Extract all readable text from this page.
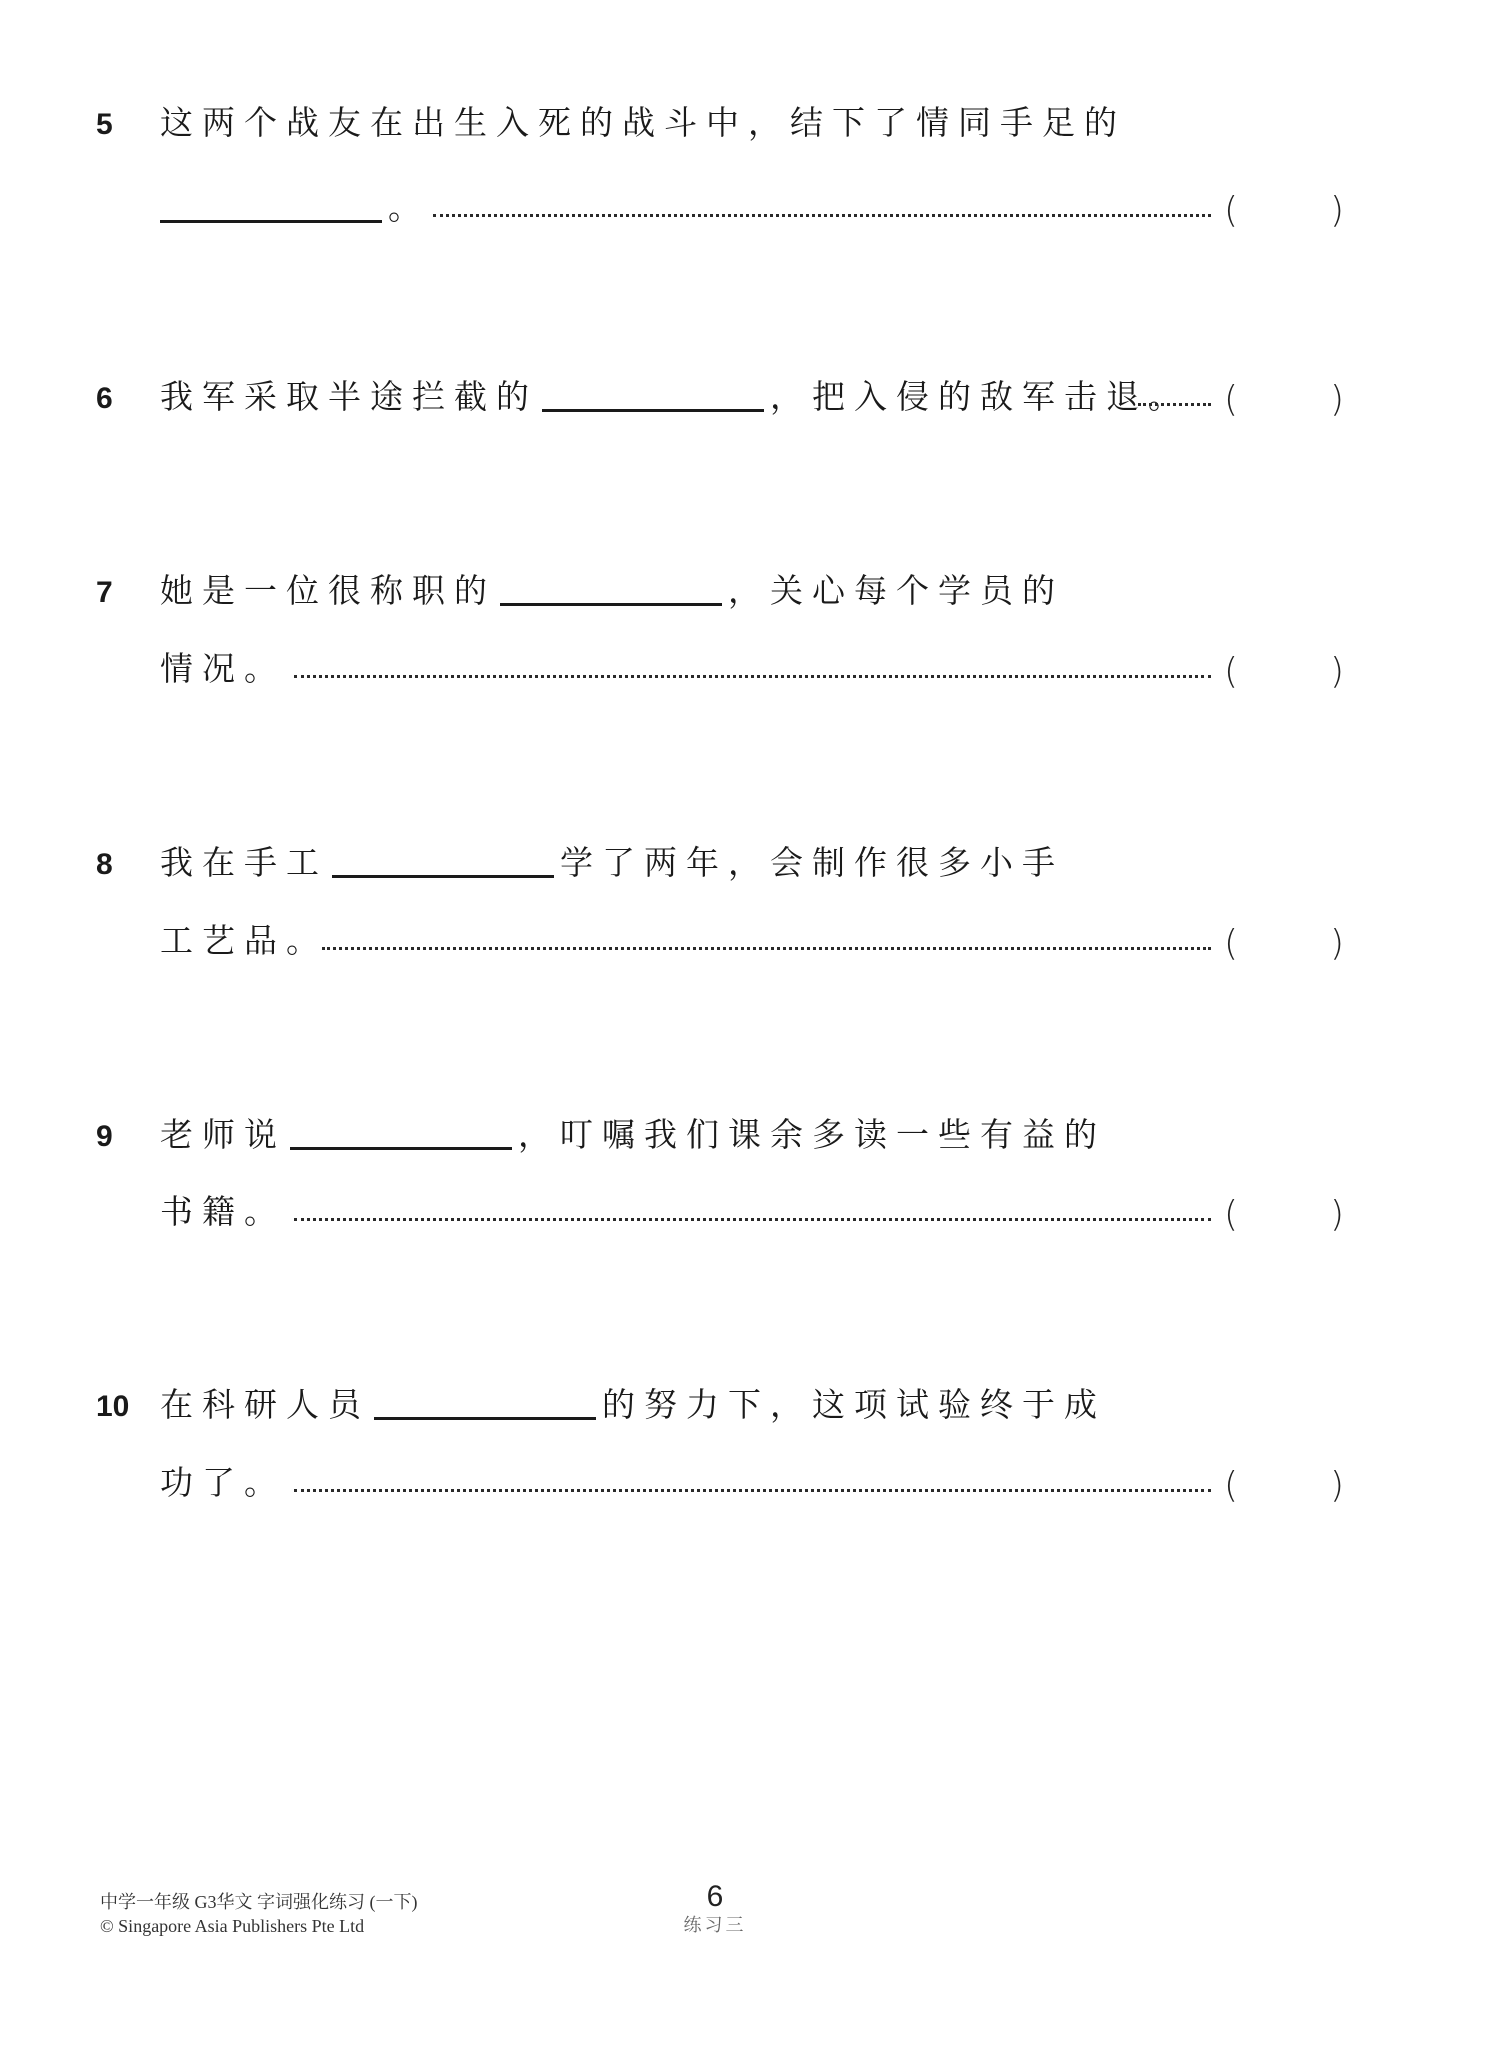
5 这两个战友在出生入死的战斗中，结下了情同手足的
。	(	)
6 我军采取半途拦截的	，把入侵的敌军击退。 (	)
7 她是一位很称职的	，关心每个学员的
情况。	(	)
8 我在手工	学了两年，会制作很多小手
工艺品。	(	)
9 老师说	，叮嘱我们课余多读一些有益的
书籍。	(	)
10 在科研人员	的努力下，这项试验终于成
功了。	(	)
中学一年级 G3华文 字词强化练习 (一下)
© Singapore Asia Publishers Pte Ltd
6
练习三
